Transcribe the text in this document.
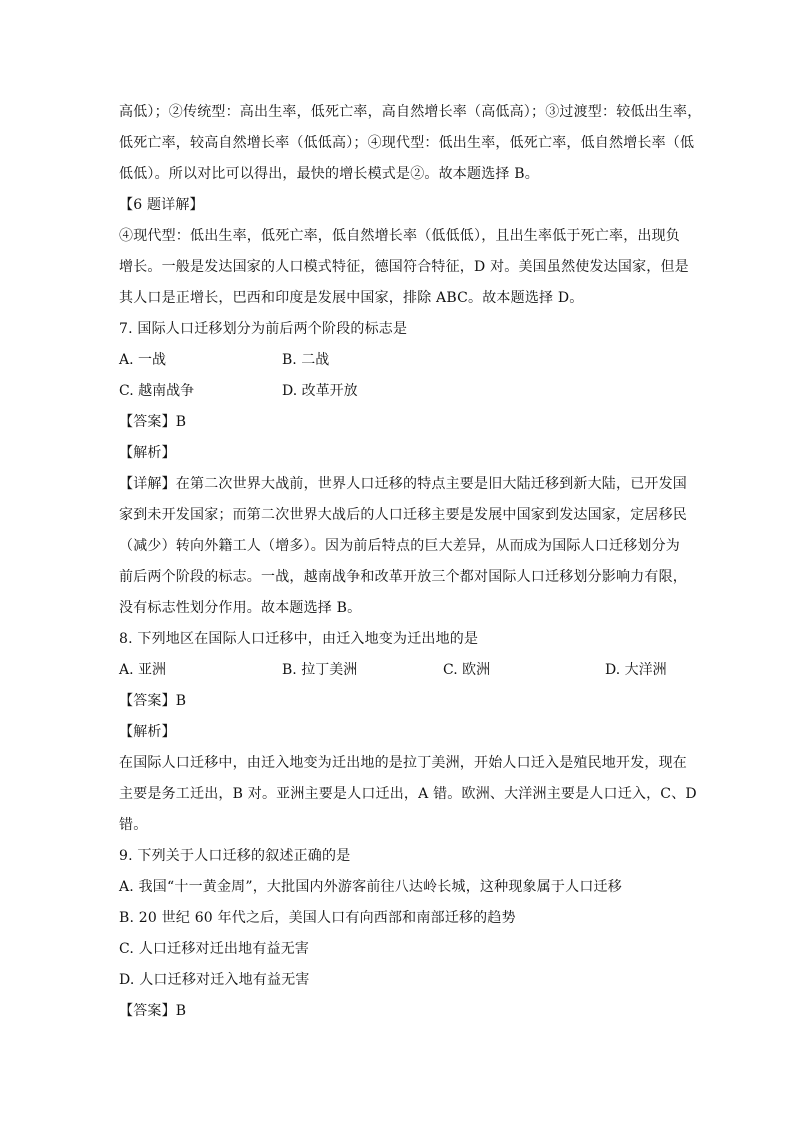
高低）；②传统型：高出生率，低死亡率，高自然增长率（高低高）；③过渡型：较低出生率，
低死亡率，较高自然增长率（低低高）；④现代型：低出生率，低死亡率，低自然增长率（低
低低）。所以对比可以得出，最快的增长模式是②。故本题选择 B。
【6 题详解】
④现代型：低出生率，低死亡率，低自然增长率（低低低），且出生率低于死亡率，出现负
增长。一般是发达国家的人口模式特征，德国符合特征，D 对。美国虽然使发达国家，但是
其人口是正增长，巴西和印度是发展中国家，排除 ABC。故本题选择 D。
7. 国际人口迁移划分为前后两个阶段的标志是
A. 一战	B. 二战
C. 越南战争	D. 改革开放
【答案】B
【解析】
【详解】在第二次世界大战前，世界人口迁移的特点主要是旧大陆迁移到新大陆，已开发国
家到未开发国家；而第二次世界大战后的人口迁移主要是发展中国家到发达国家，定居移民
（减少）转向外籍工人（增多）。因为前后特点的巨大差异，从而成为国际人口迁移划分为
前后两个阶段的标志。一战，越南战争和改革开放三个都对国际人口迁移划分影响力有限，
没有标志性划分作用。故本题选择 B。
8. 下列地区在国际人口迁移中，由迁入地变为迁出地的是
A. 亚洲	B. 拉丁美洲	C. 欧洲	D. 大洋洲
【答案】B
【解析】
在国际人口迁移中，由迁入地变为迁出地的是拉丁美洲，开始人口迁入是殖民地开发，现在
主要是务工迁出，B 对。亚洲主要是人口迁出，A 错。欧洲、大洋洲主要是人口迁入，C、D
错。
9. 下列关于人口迁移的叙述正确的是
A. 我国“十一黄金周”，大批国内外游客前往八达岭长城，这种现象属于人口迁移
B. 20 世纪 60 年代之后，美国人口有向西部和南部迁移的趋势
C. 人口迁移对迁出地有益无害
D. 人口迁移对迁入地有益无害
【答案】B
